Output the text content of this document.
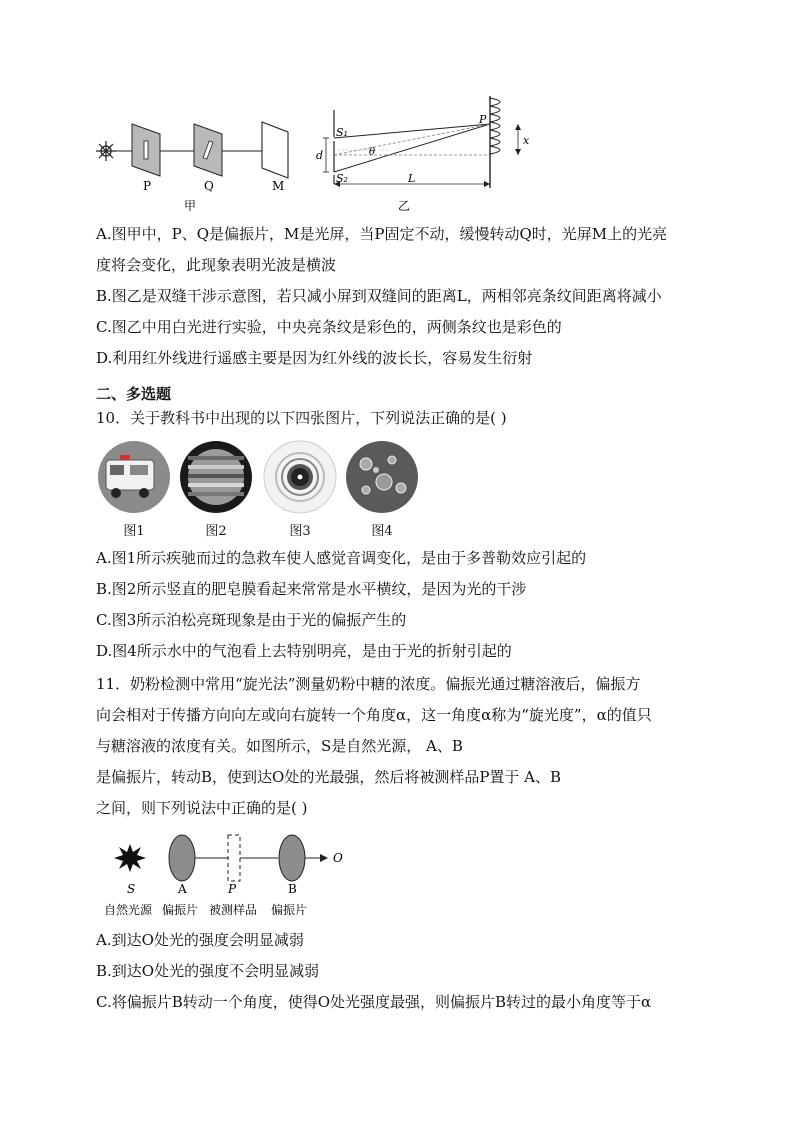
P	Q	M
甲
S₁
S₂
P
d	θ
x
L
乙
A.图甲中，P、Q是偏振片，M是光屏，当P固定不动，缓慢转动Q时，光屏M上的光亮
度将会变化，此现象表明光波是横波
B.图乙是双缝干涉示意图，若只减小屏到双缝间的距离L，两相邻亮条纹间距离将减小
C.图乙中用白光进行实验，中央亮条纹是彩色的，两侧条纹也是彩色的
D.利用红外线进行遥感主要是因为红外线的波长长，容易发生衍射
二、多选题
10．关于教科书中出现的以下四张图片，下列说法正确的是( )
图1	图2	图3	图4
A.图1所示疾驰而过的急救车使人感觉音调变化，是由于多普勒效应引起的
B.图2所示竖直的肥皂膜看起来常常是水平横纹，是因为光的干涉
C.图3所示泊松亮斑现象是由于光的偏振产生的
D.图4所示水中的气泡看上去特别明亮，是由于光的折射引起的
11．奶粉检测中常用“旋光法”测量奶粉中糖的浓度。偏振光通过糖溶液后，偏振方
向会相对于传播方向向左或向右旋转一个角度α，这一角度α称为“旋光度”，α的值只
与糖溶液的浓度有关。如图所示，S是自然光源， A、B
是偏振片，转动B，使到达O处的光最强，然后将被测样品P置于 A、B
之间，则下列说法中正确的是( )
O
S	A	P	B
自然光源 偏振片 被测样品 偏振片
A.到达O处光的强度会明显减弱
B.到达O处光的强度不会明显减弱
C.将偏振片B转动一个角度，使得O处光强度最强，则偏振片B转过的最小角度等于α
